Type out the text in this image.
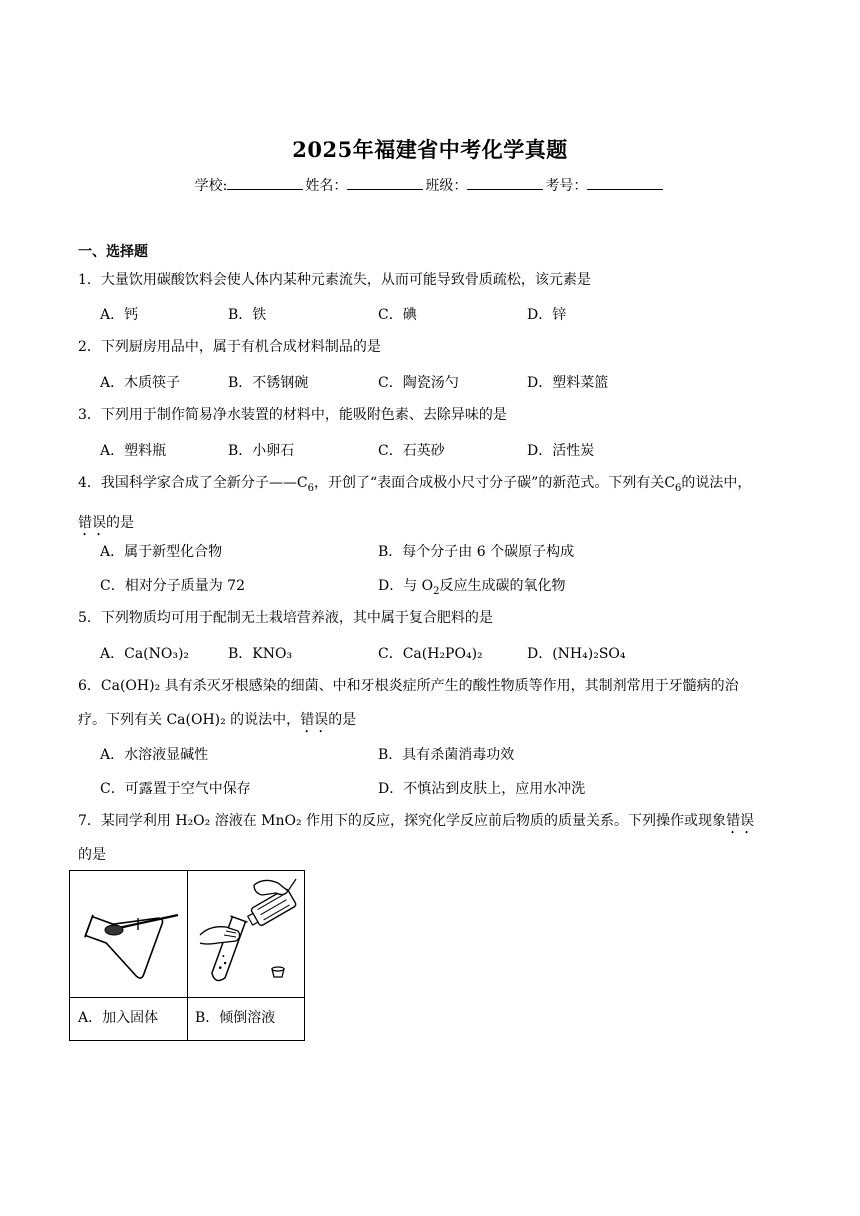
2025年福建省中考化学真题
学校:	姓名：	班级：	考号：
一、选择题
1．大量饮用碳酸饮料会使人体内某种元素流失，从而可能导致骨质疏松，该元素是
A．钙	B．铁	C．碘	D．锌
2．下列厨房用品中，属于有机合成材料制品的是
A．木质筷子	B．不锈钢碗	C．陶瓷汤勺	D．塑料菜篮
3．下列用于制作简易净水装置的材料中，能吸附色素、去除异味的是
A．塑料瓶	B．小卵石	C．石英砂	D．活性炭
4．我国科学家合成了全新分子$——C_6$，开创了“表面合成极小尺寸分子碳”的新范式。下列有关$C_6$的说法中，
错误的是
A．属于新型化合物	B．每个分子由 6 个碳原子构成
C．相对分子质量为 72	D．与 $O_2$反应生成碳的氧化物
5．下列物质均可用于配制无土栽培营养液，其中属于复合肥料的是
A．Ca(NO₃)₂	B．KNO₃	C．Ca(H₂PO₄)₂	D．(NH₄)₂SO₄
6．Ca(OH)₂ 具有杀灭牙根感染的细菌、中和牙根炎症所产生的酸性物质等作用，其制剂常用于牙髓病的治
疗。下列有关 Ca(OH)₂ 的说法中，错误的是
A．水溶液显碱性	B．具有杀菌消毒功效
C．可露置于空气中保存	D．不慎沾到皮肤上，应用水冲洗
7．某同学利用 H₂O₂ 溶液在 MnO₂ 作用下的反应，探究化学反应前后物质的质量关系。下列操作或现象错误
的是
A．加入固体	B．倾倒溶液
